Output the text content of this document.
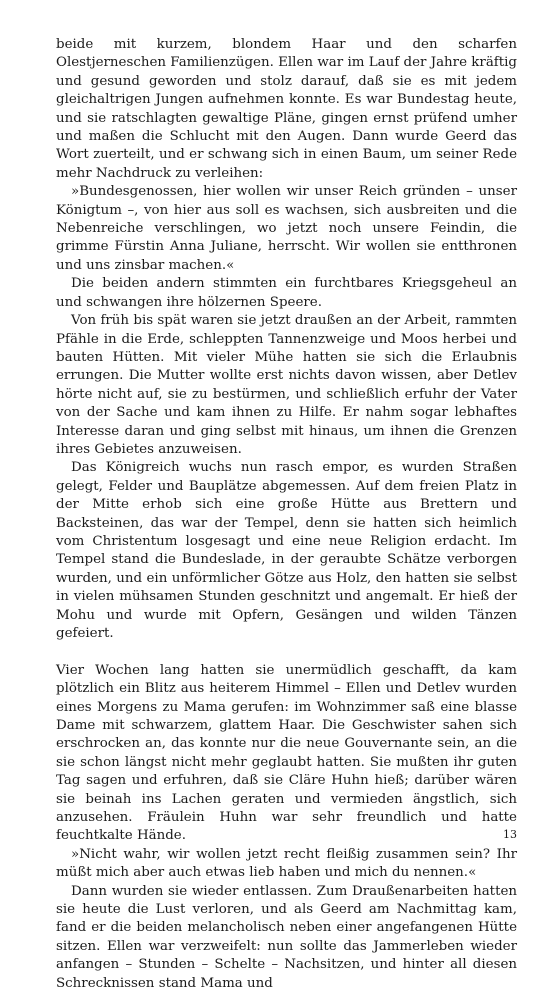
beide mit kurzem, blondem Haar und den scharfen Olestjerneschen Familienzügen. Ellen war im Lauf der Jahre kräftig und gesund geworden und stolz darauf, daß sie es mit jedem gleichaltrigen Jungen aufnehmen konnte. Es war Bundestag heute, und sie ratschlagten gewaltige Pläne, gingen ernst prüfend umher und maßen die Schlucht mit den Augen. Dann wurde Geerd das Wort zuerteilt, und er schwang sich in einen Baum, um seiner Rede mehr Nachdruck zu verleihen:

»Bundesgenossen, hier wollen wir unser Reich gründen – unser Königtum –, von hier aus soll es wachsen, sich ausbreiten und die Nebenreiche verschlingen, wo jetzt noch unsere Feindin, die grimme Fürstin Anna Juliane, herrscht. Wir wollen sie entthronen und uns zinsbar machen.«

Die beiden andern stimmten ein furchtbares Kriegsgeheul an und schwangen ihre hölzernen Speere.

Von früh bis spät waren sie jetzt draußen an der Arbeit, rammten Pfähle in die Erde, schleppten Tannenzweige und Moos herbei und bauten Hütten. Mit vieler Mühe hatten sie sich die Erlaubnis errungen. Die Mutter wollte erst nichts davon wissen, aber Detlev hörte nicht auf, sie zu bestürmen, und schließlich erfuhr der Vater von der Sache und kam ihnen zu Hilfe. Er nahm sogar lebhaftes Interesse daran und ging selbst mit hinaus, um ihnen die Grenzen ihres Gebietes anzuweisen.

Das Königreich wuchs nun rasch empor, es wurden Straßen gelegt, Felder und Bauplätze abgemessen. Auf dem freien Platz in der Mitte erhob sich eine große Hütte aus Brettern und Backsteinen, das war der Tempel, denn sie hatten sich heimlich vom Christentum losgesagt und eine neue Religion erdacht. Im Tempel stand die Bundeslade, in der geraubte Schätze verborgen wurden, und ein unförmlicher Götze aus Holz, den hatten sie selbst in vielen mühsamen Stunden geschnitzt und angemalt. Er hieß der Mohu und wurde mit Opfern, Gesängen und wilden Tänzen gefeiert.

Vier Wochen lang hatten sie unermüdlich geschafft, da kam plötzlich ein Blitz aus heiterem Himmel – Ellen und Detlev wurden eines Morgens zu Mama gerufen: im Wohnzimmer saß eine blasse Dame mit schwarzem, glattem Haar. Die Geschwister sahen sich erschrocken an, das konnte nur die neue Gouvernante sein, an die sie schon längst nicht mehr geglaubt hatten. Sie mußten ihr guten Tag sagen und erfuhren, daß sie Cläre Huhn hieß; darüber wären sie beinah ins Lachen geraten und vermieden ängstlich, sich anzusehen. Fräulein Huhn war sehr freundlich und hatte feuchtkalte Hände.

»Nicht wahr, wir wollen jetzt recht fleißig zusammen sein? Ihr müßt mich aber auch etwas lieb haben und mich du nennen.«

Dann wurden sie wieder entlassen. Zum Draußenarbeiten hatten sie heute die Lust verloren, und als Geerd am Nachmittag kam, fand er die beiden melancholisch neben einer angefangenen Hütte sitzen. Ellen war verzweifelt: nun sollte das Jammerleben wieder anfangen – Stunden – Schelte – Nachsitzen, und hinter all diesen Schrecknissen stand Mama und

13
